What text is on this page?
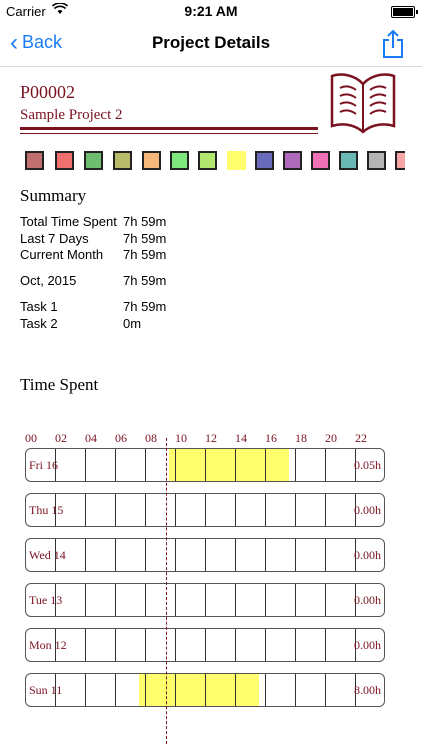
Carrier	9:21 AM
‹ Back	Project Details
P00002
Sample Project 2
Summary
Total Time Spent 7h 59m
Last 7 Days	7h 59m
Current Month 7h 59m
Oct, 2015	7h 59m
Task 1	7h 59m
Task 2	0m
Time Spent
00 02 04 06 08 10 12 14 16 18 20 22
Fri 16	0.05h
Thu 15	0.00h
Wed 14	0.00h
Tue 13	0.00h
Mon 12	0.00h
Sun 11	8.00h
